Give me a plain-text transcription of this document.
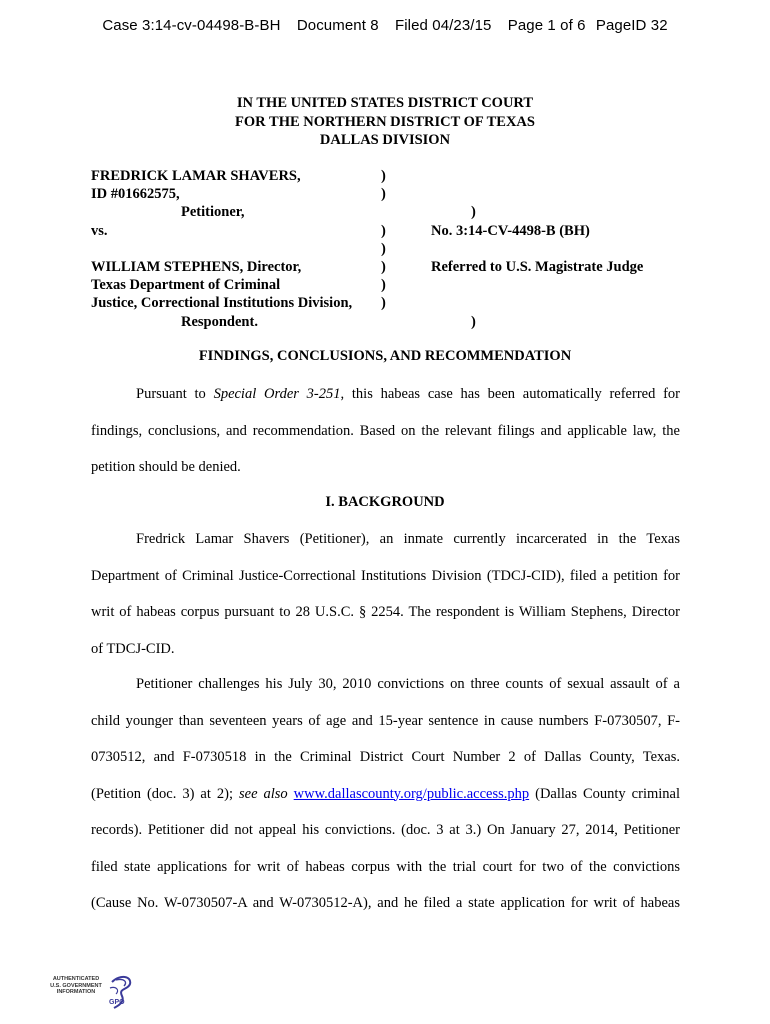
Case 3:14-cv-04498-B-BH Document 8 Filed 04/23/15 Page 1 of 6 PageID 32
IN THE UNITED STATES DISTRICT COURT
FOR THE NORTHERN DISTRICT OF TEXAS
DALLAS DIVISION
FREDRICK LAMAR SHAVERS,	)
ID #01662575,	)
Petitioner,	)
vs.	)	No. 3:14-CV-4498-B (BH)
)
WILLIAM STEPHENS, Director,	)	Referred to U.S. Magistrate Judge
Texas Department of Criminal	)
Justice, Correctional Institutions Division,	)
Respondent.	)
FINDINGS, CONCLUSIONS, AND RECOMMENDATION
Pursuant to Special Order 3-251, this habeas case has been automatically referred for
findings, conclusions, and recommendation. Based on the relevant filings and applicable law, the
petition should be denied.
I. BACKGROUND
Fredrick Lamar Shavers (Petitioner), an inmate currently incarcerated in the Texas
Department of Criminal Justice-Correctional Institutions Division (TDCJ-CID), filed a petition for
writ of habeas corpus pursuant to 28 U.S.C. § 2254. The respondent is William Stephens, Director
of TDCJ-CID.
Petitioner challenges his July 30, 2010 convictions on three counts of sexual assault of a
child younger than seventeen years of age and 15-year sentence in cause numbers F-0730507, F-
0730512, and F-0730518 in the Criminal District Court Number 2 of Dallas County, Texas.
(Petition (doc. 3) at 2); see also www.dallascounty.org/public.access.php (Dallas County criminal
records). Petitioner did not appeal his convictions. (doc. 3 at 3.) On January 27, 2014, Petitioner
filed state applications for writ of habeas corpus with the trial court for two of the convictions
(Cause No. W-0730507-A and W-0730512-A), and he filed a state application for writ of habeas
AUTHENTICATED
U.S. GOVERNMENT
INFORMATION
GPO
